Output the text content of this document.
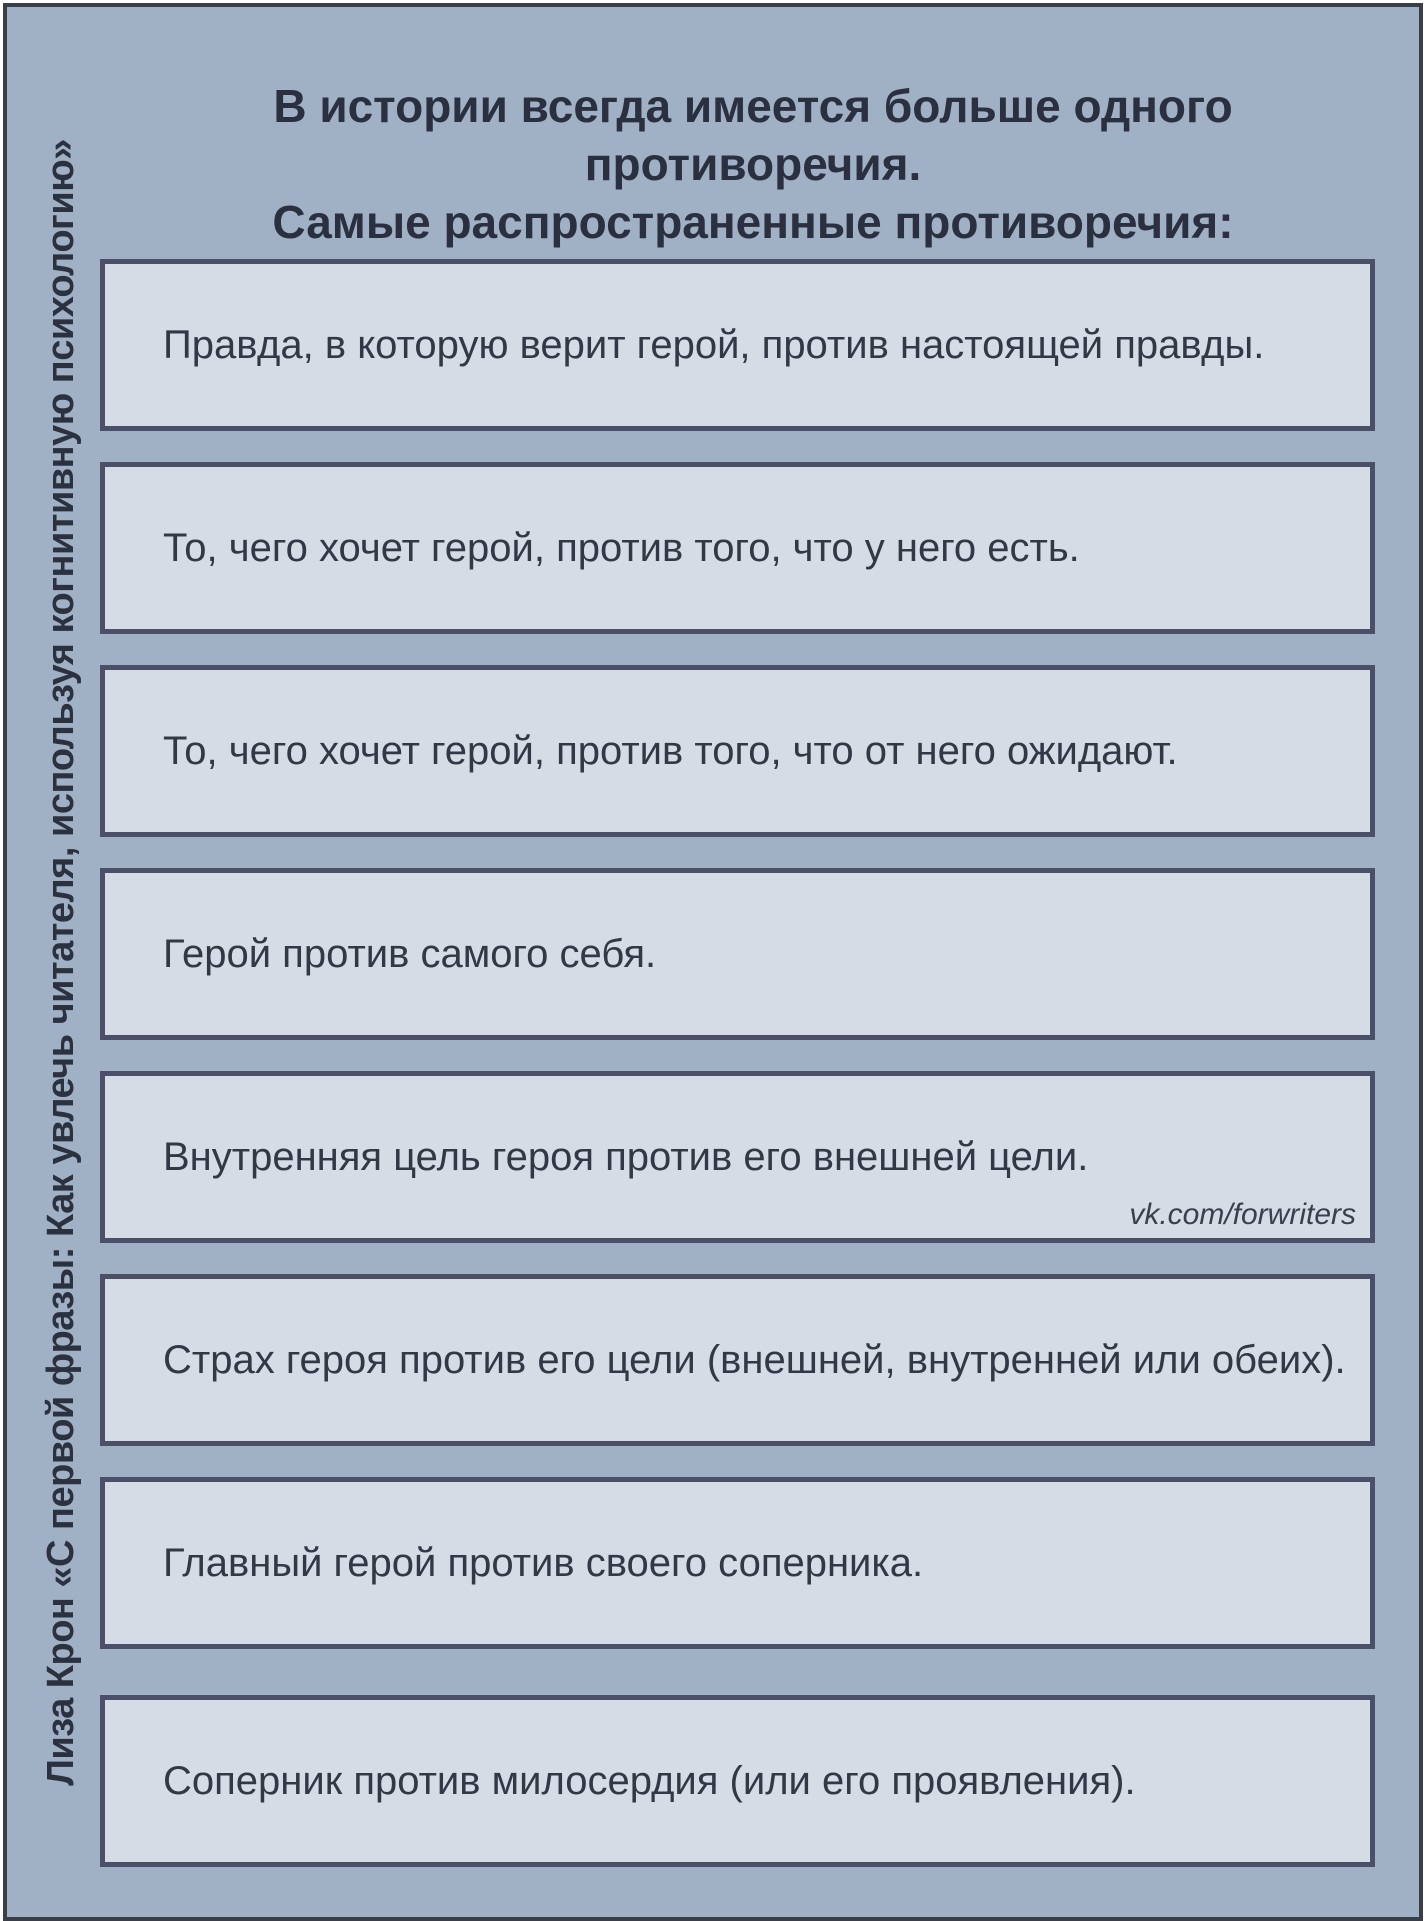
Лиза Крон «С первой фразы: Как увлечь читателя, используя когнитивную психологию»
В истории всегда имеется больше одного противоречия.
Самые распространенные противоречия:
Правда, в которую верит герой, против настоящей правды.
То, чего хочет герой, против того, что у него есть.
То, чего хочет герой, против того, что от него ожидают.
Герой против самого себя.
Внутренняя цель героя против его внешней цели.
vk.com/forwriters
Страх героя против его цели (внешней, внутренней или обеих).
Главный герой против своего соперника.
Соперник против милосердия (или его проявления).
